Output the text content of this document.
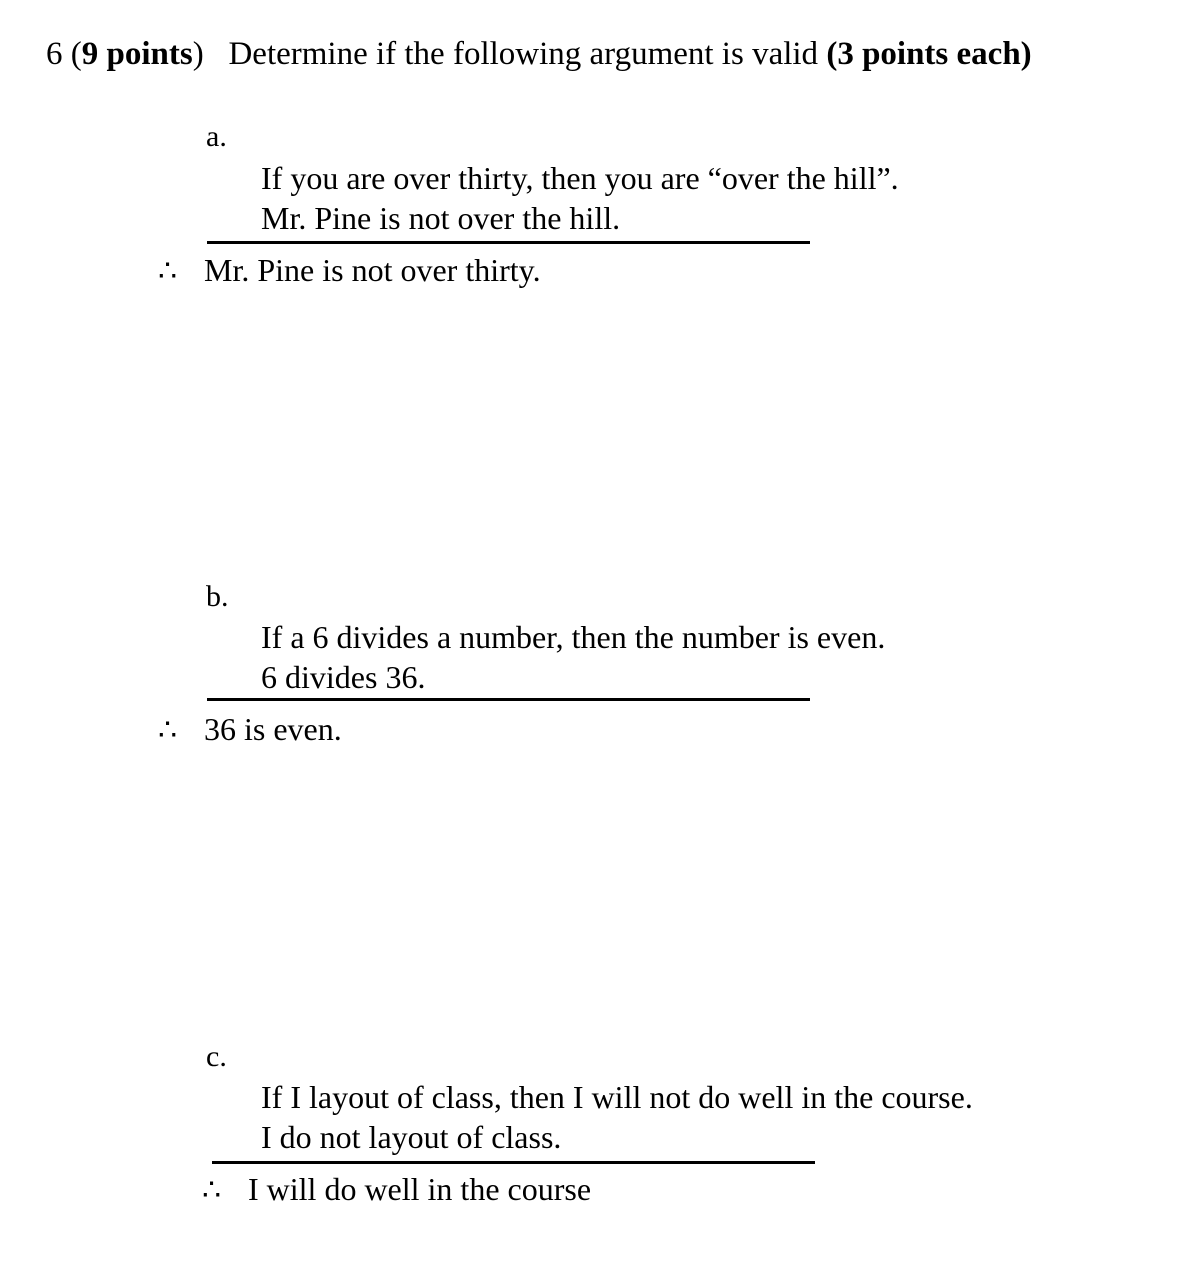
6 (9 points) Determine if the following argument is valid (3 points each)
a.
If you are over thirty, then you are “over the hill”.
Mr. Pine is not over the hill.
∴ Mr. Pine is not over thirty.
b.
If a 6 divides a number, then the number is even.
6 divides 36.
∴ 36 is even.
c.
If I layout of class, then I will not do well in the course.
I do not layout of class.
∴ I will do well in the course
